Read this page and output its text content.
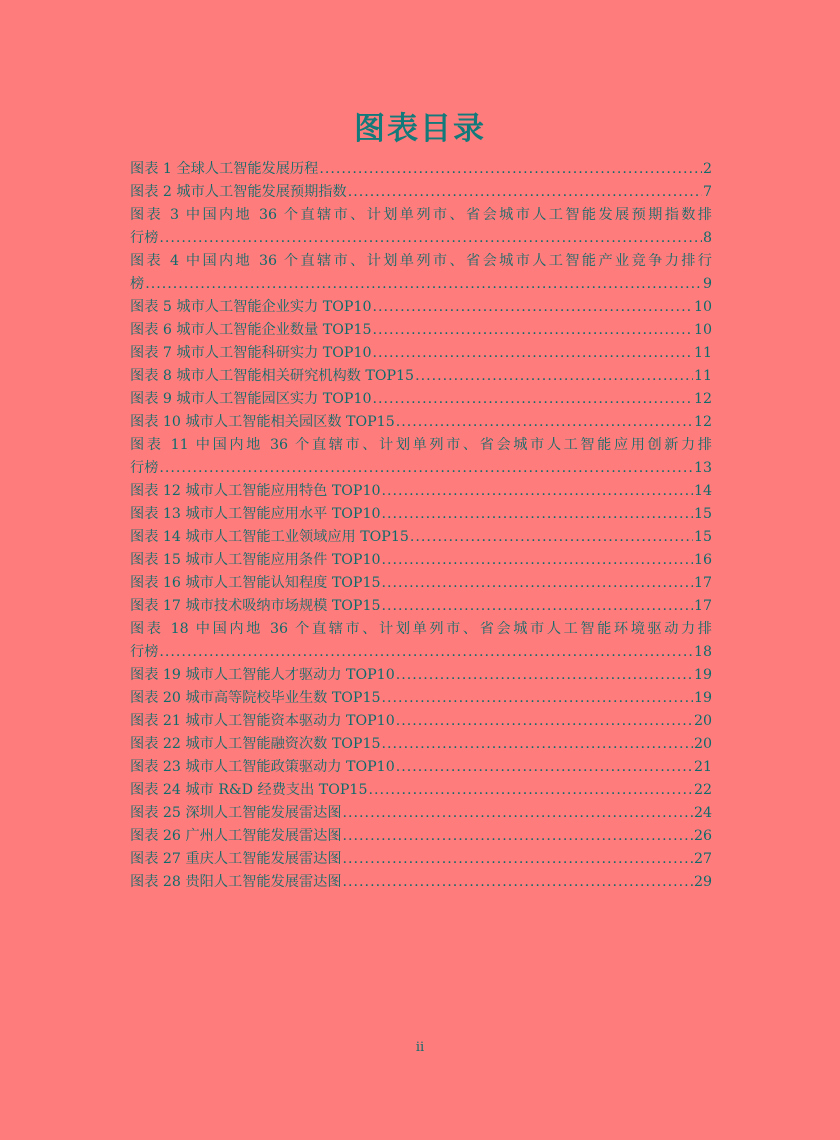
图表目录
图表 1 全球人工智能发展历程 .....	2
图表 2 城市人工智能发展预期指数 .....	7
图表 3 中国内地 36 个直辖市、计划单列市、省会城市人工智能发展预期指数排
行榜 .....	8
图表 4 中国内地 36 个直辖市、计划单列市、省会城市人工智能产业竞争力排行
榜 .....	9
图表 5 城市人工智能企业实力 TOP10 .....	10
图表 6 城市人工智能企业数量 TOP15 .....	10
图表 7 城市人工智能科研实力 TOP10 .....	11
图表 8 城市人工智能相关研究机构数 TOP15 .....	11
图表 9 城市人工智能园区实力 TOP10 .....	12
图表 10 城市人工智能相关园区数 TOP15 .....	12
图表 11 中国内地 36 个直辖市、计划单列市、省会城市人工智能应用创新力排
行榜 .....	13
图表 12 城市人工智能应用特色 TOP10 .....	14
图表 13 城市人工智能应用水平 TOP10 .....	15
图表 14 城市人工智能工业领域应用 TOP15 .....	15
图表 15 城市人工智能应用条件 TOP10 .....	16
图表 16 城市人工智能认知程度 TOP15 .....	17
图表 17 城市技术吸纳市场规模 TOP15 .....	17
图表 18 中国内地 36 个直辖市、计划单列市、省会城市人工智能环境驱动力排
行榜 .....	18
图表 19 城市人工智能人才驱动力 TOP10 .....	19
图表 20 城市高等院校毕业生数 TOP15 .....	19
图表 21 城市人工智能资本驱动力 TOP10 .....	20
图表 22 城市人工智能融资次数 TOP15 .....	20
图表 23 城市人工智能政策驱动力 TOP10 .....	21
图表 24 城市 R&D 经费支出 TOP15 .....	22
图表 25 深圳人工智能发展雷达图 .....	24
图表 26 广州人工智能发展雷达图 .....	26
图表 27 重庆人工智能发展雷达图 .....	27
图表 28 贵阳人工智能发展雷达图 .....	29
ii
